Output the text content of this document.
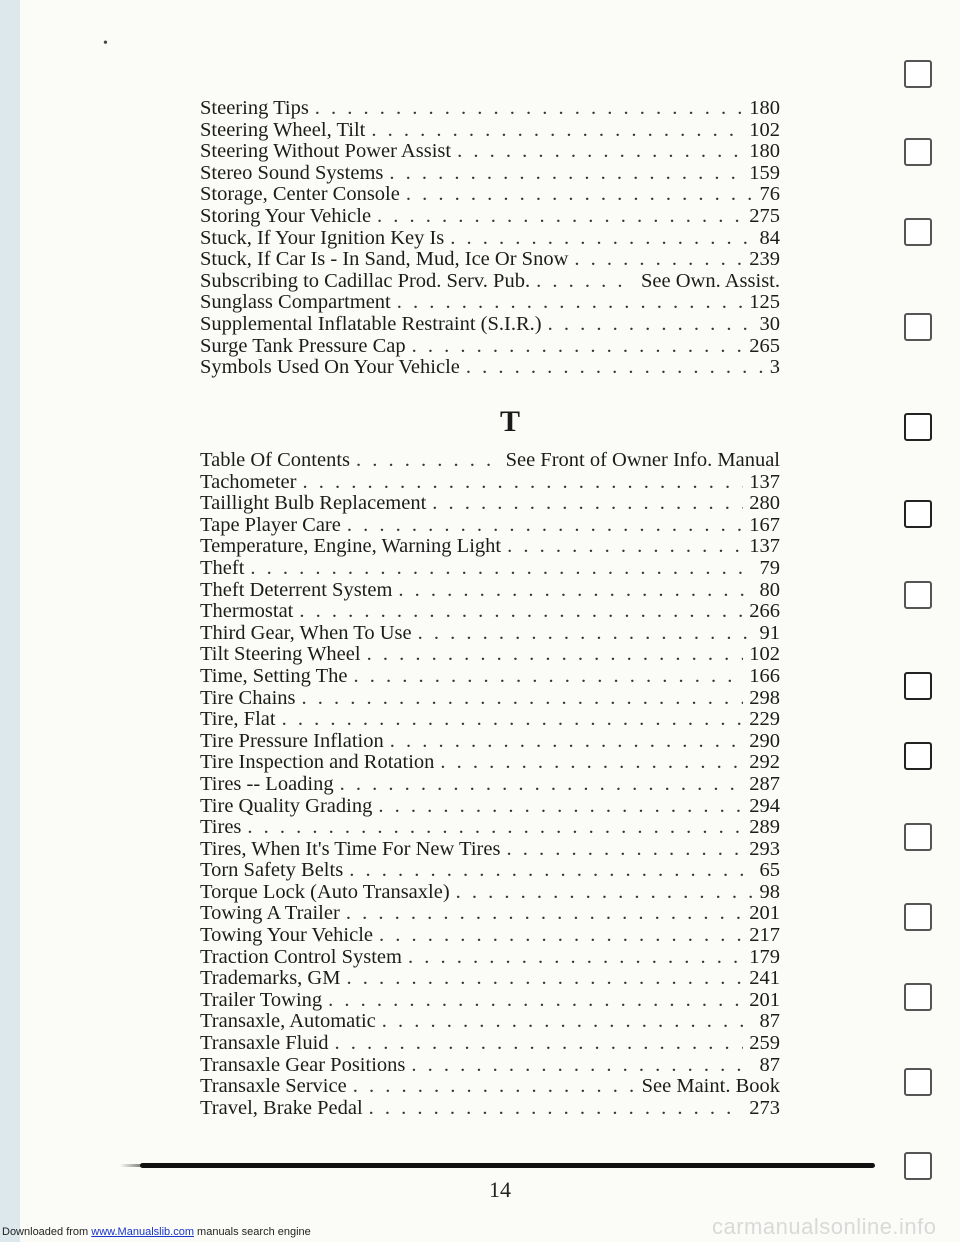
•
Steering Tips . . .	180
Steering Wheel, Tilt . . .	102
Steering Without Power Assist . . .	180
Stereo Sound Systems . . .	159
Storage, Center Console . . .	76
Storing Your Vehicle . . .	275
Stuck, If Your Ignition Key Is . . .	84
Stuck, If Car Is - In Sand, Mud, Ice Or Snow . . .	239
Subscribing to Cadillac Prod. Serv. Pub. . . .	See Own. Assist.
Sunglass Compartment . . .	125
Supplemental Inflatable Restraint (S.I.R.) . . .	30
Surge Tank Pressure Cap . . .	265
Symbols Used On Your Vehicle . . .	3
T
Table Of Contents . . .	See Front of Owner Info. Manual
Tachometer . . .	137
Taillight Bulb Replacement . . .	280
Tape Player Care . . .	167
Temperature, Engine, Warning Light . . .	137
Theft . . .	79
Theft Deterrent System . . .	80
Thermostat . . .	266
Third Gear, When To Use . . .	91
Tilt Steering Wheel . . .	102
Time, Setting The . . .	166
Tire Chains . . .	298
Tire, Flat . . .	229
Tire Pressure Inflation . . .	290
Tire Inspection and Rotation . . .	292
Tires -- Loading . . .	287
Tire Quality Grading . . .	294
Tires . . .	289
Tires, When It's Time For New Tires . . .	293
Torn Safety Belts . . .	65
Torque Lock (Auto Transaxle) . . .	98
Towing A Trailer . . .	201
Towing Your Vehicle . . .	217
Traction Control System . . .	179
Trademarks, GM . . .	241
Trailer Towing . . .	201
Transaxle, Automatic . . .	87
Transaxle Fluid . . .	259
Transaxle Gear Positions . . .	87
Transaxle Service . . .	See Maint. Book
Travel, Brake Pedal . . .	273
14
Downloaded from www.Manualslib.com manuals search engine	carmanualsonline.info
